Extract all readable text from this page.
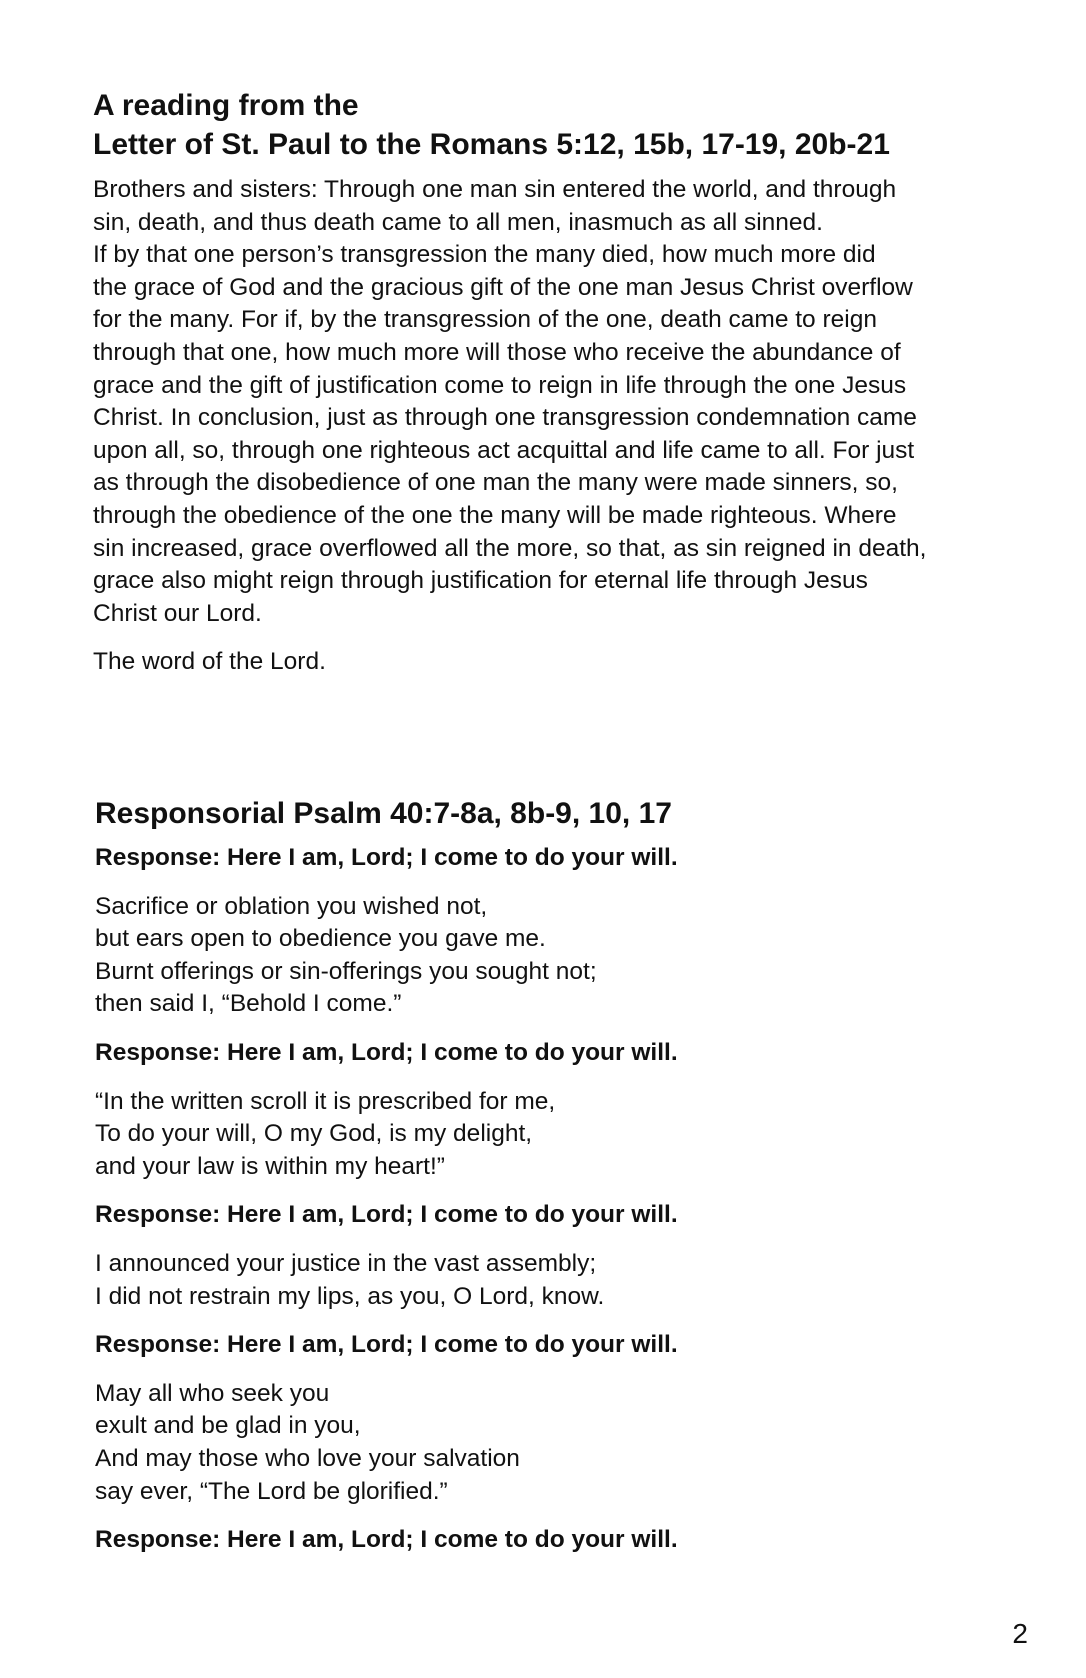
A reading from the
Letter of St. Paul to the Romans 5:12, 15b, 17-19, 20b-21
Brothers and sisters: Through one man sin entered the world, and through
sin, death, and thus death came to all men, inasmuch as all sinned.
If by that one person’s transgression the many died, how much more did
the grace of God and the gracious gift of the one man Jesus Christ overflow
for the many. For if, by the transgression of the one, death came to reign
through that one, how much more will those who receive the abundance of
grace and the gift of justification come to reign in life through the one Jesus
Christ. In conclusion, just as through one transgression condemnation came
upon all, so, through one righteous act acquittal and life came to all. For just
as through the disobedience of one man the many were made sinners, so,
through the obedience of the one the many will be made righteous. Where
sin increased, grace overflowed all the more, so that, as sin reigned in death,
grace also might reign through justification for eternal life through Jesus
Christ our Lord.
The word of the Lord.
Responsorial Psalm 40:7-8a, 8b-9, 10, 17
Response: Here I am, Lord; I come to do your will.
Sacrifice or oblation you wished not,
but ears open to obedience you gave me.
Burnt offerings or sin-offerings you sought not;
then said I, “Behold I come.”
Response: Here I am, Lord; I come to do your will.
“In the written scroll it is prescribed for me,
To do your will, O my God, is my delight,
and your law is within my heart!”
Response: Here I am, Lord; I come to do your will.
I announced your justice in the vast assembly;
I did not restrain my lips, as you, O Lord, know.
Response: Here I am, Lord; I come to do your will.
May all who seek you
exult and be glad in you,
And may those who love your salvation
say ever, “The Lord be glorified.”
Response: Here I am, Lord; I come to do your will.
2
